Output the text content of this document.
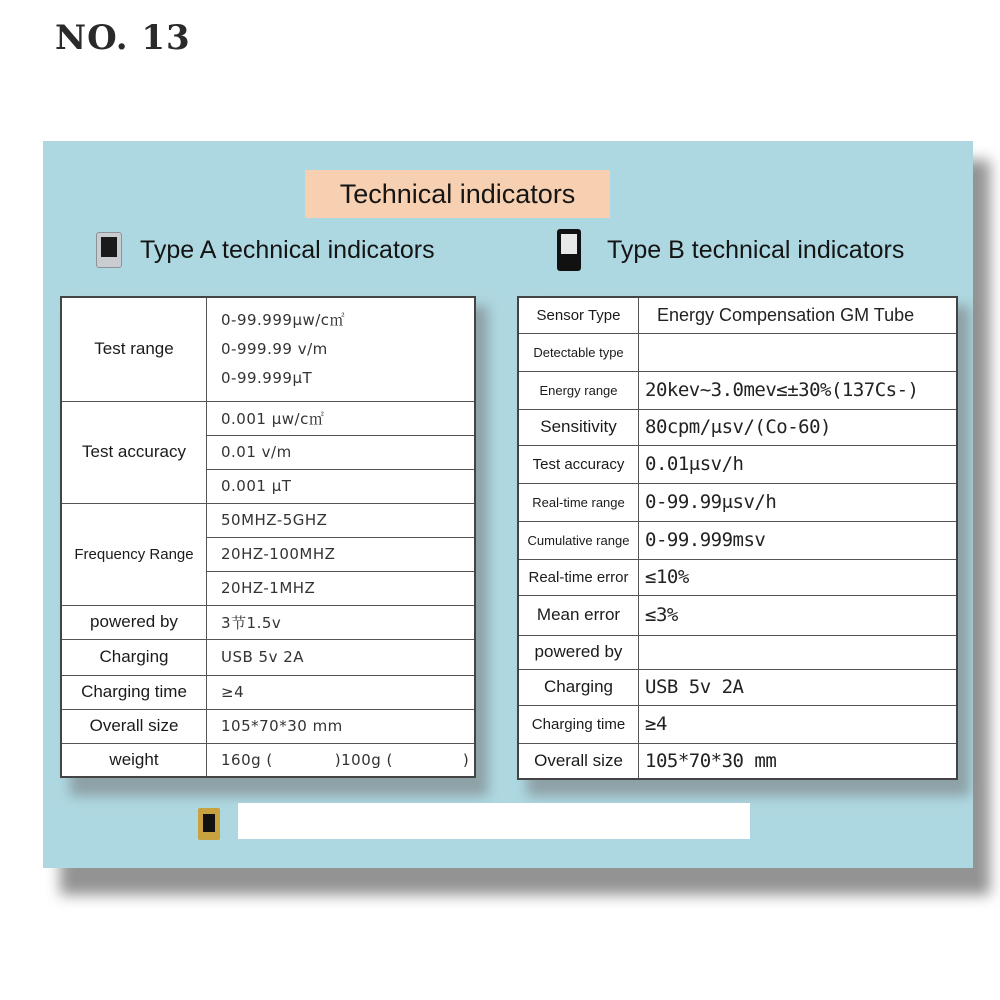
NO. 13
Technical indicators
Type A technical indicators	Type B technical indicators
Test range	0-99.999μw/c㎡
0-999.99 v/m
0-99.999μT

Test accuracy	0.001 μw/c㎡
	0.01 v/m
	0.001 μT
Frequency Range	50MHZ-5GHZ
	20HZ-100MHZ
	20HZ-1MHZ
powered by	3节1.5v
Charging	USB 5v 2A
Charging time	≥4
Overall size	105*70*30 mm
weight	160g ( )100g ( )
Sensor Type	Energy Compensation GM Tube
Detectable type	
Energy range	20kev~3.0mev≤±30%(137Cs-)
Sensitivity	80cpm/μsv/(Co-60)
Test accuracy	0.01μsv/h
Real-time range	0-99.99μsv/h
Cumulative range	0-99.999msv
Real-time error	≤10%
Mean error	≤3%
powered by	
Charging	USB 5v 2A
Charging time	≥4
Overall size	105*70*30 mm
